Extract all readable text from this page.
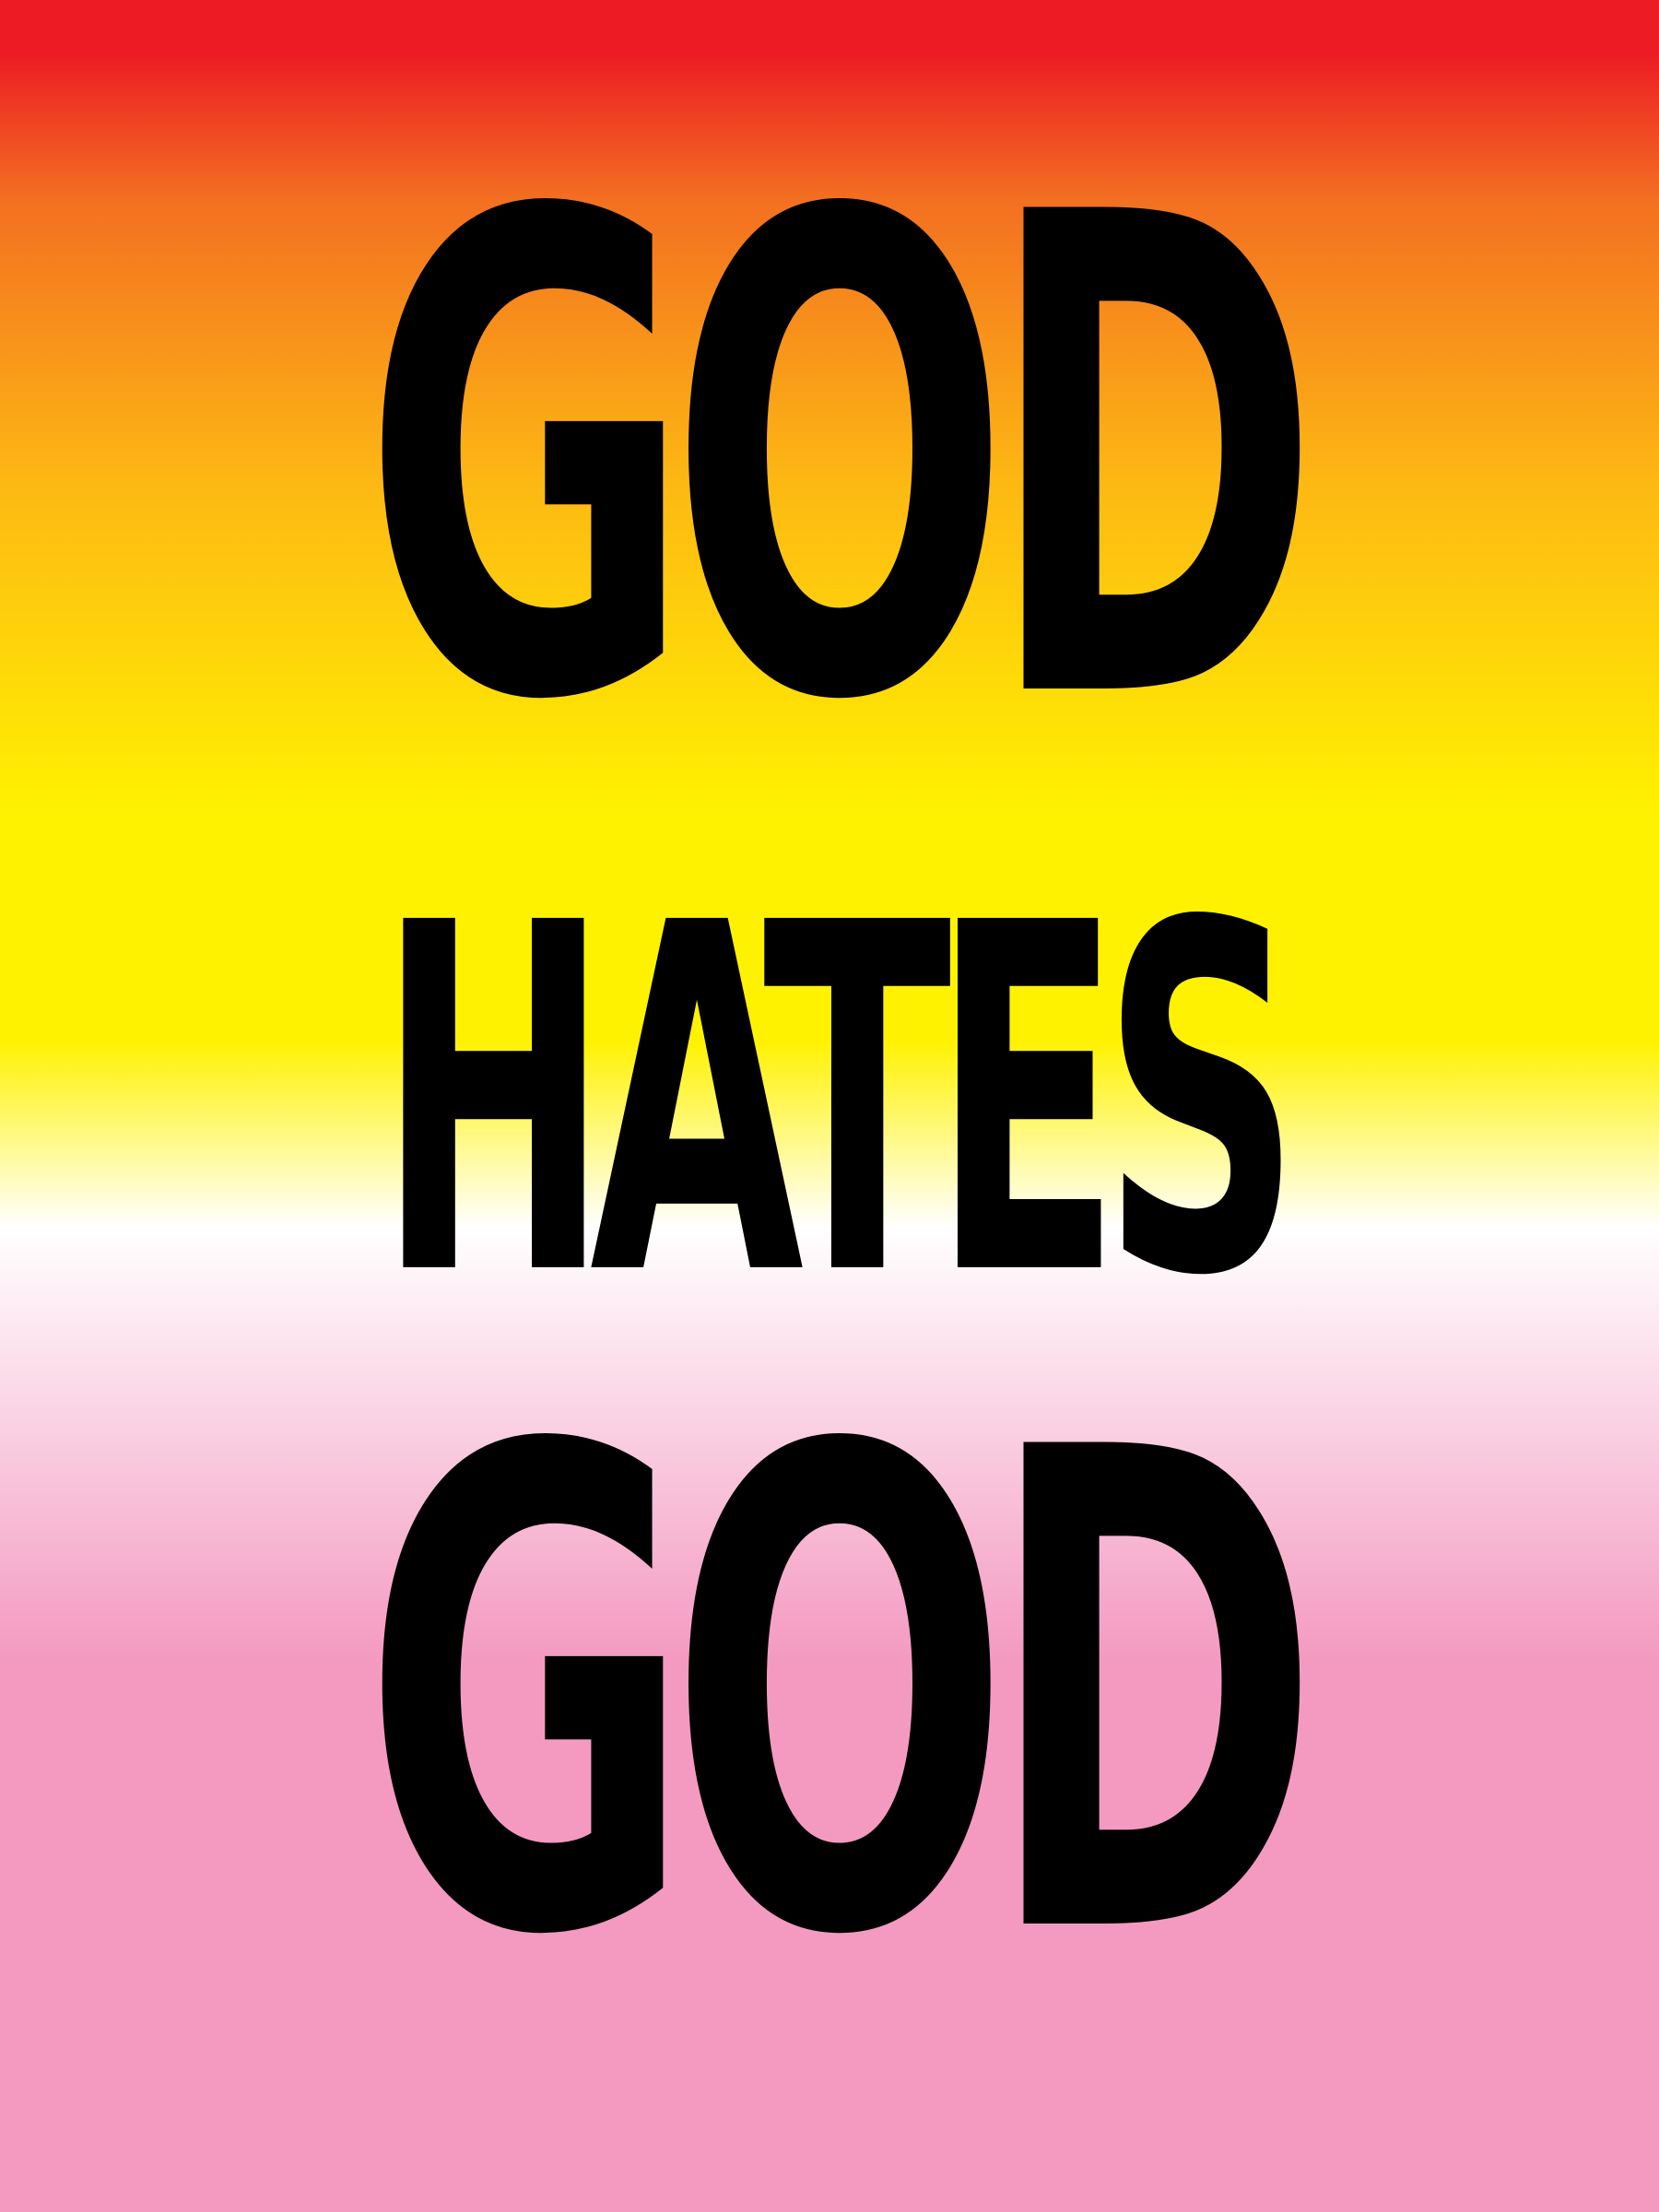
GOD
HATES
GOD
